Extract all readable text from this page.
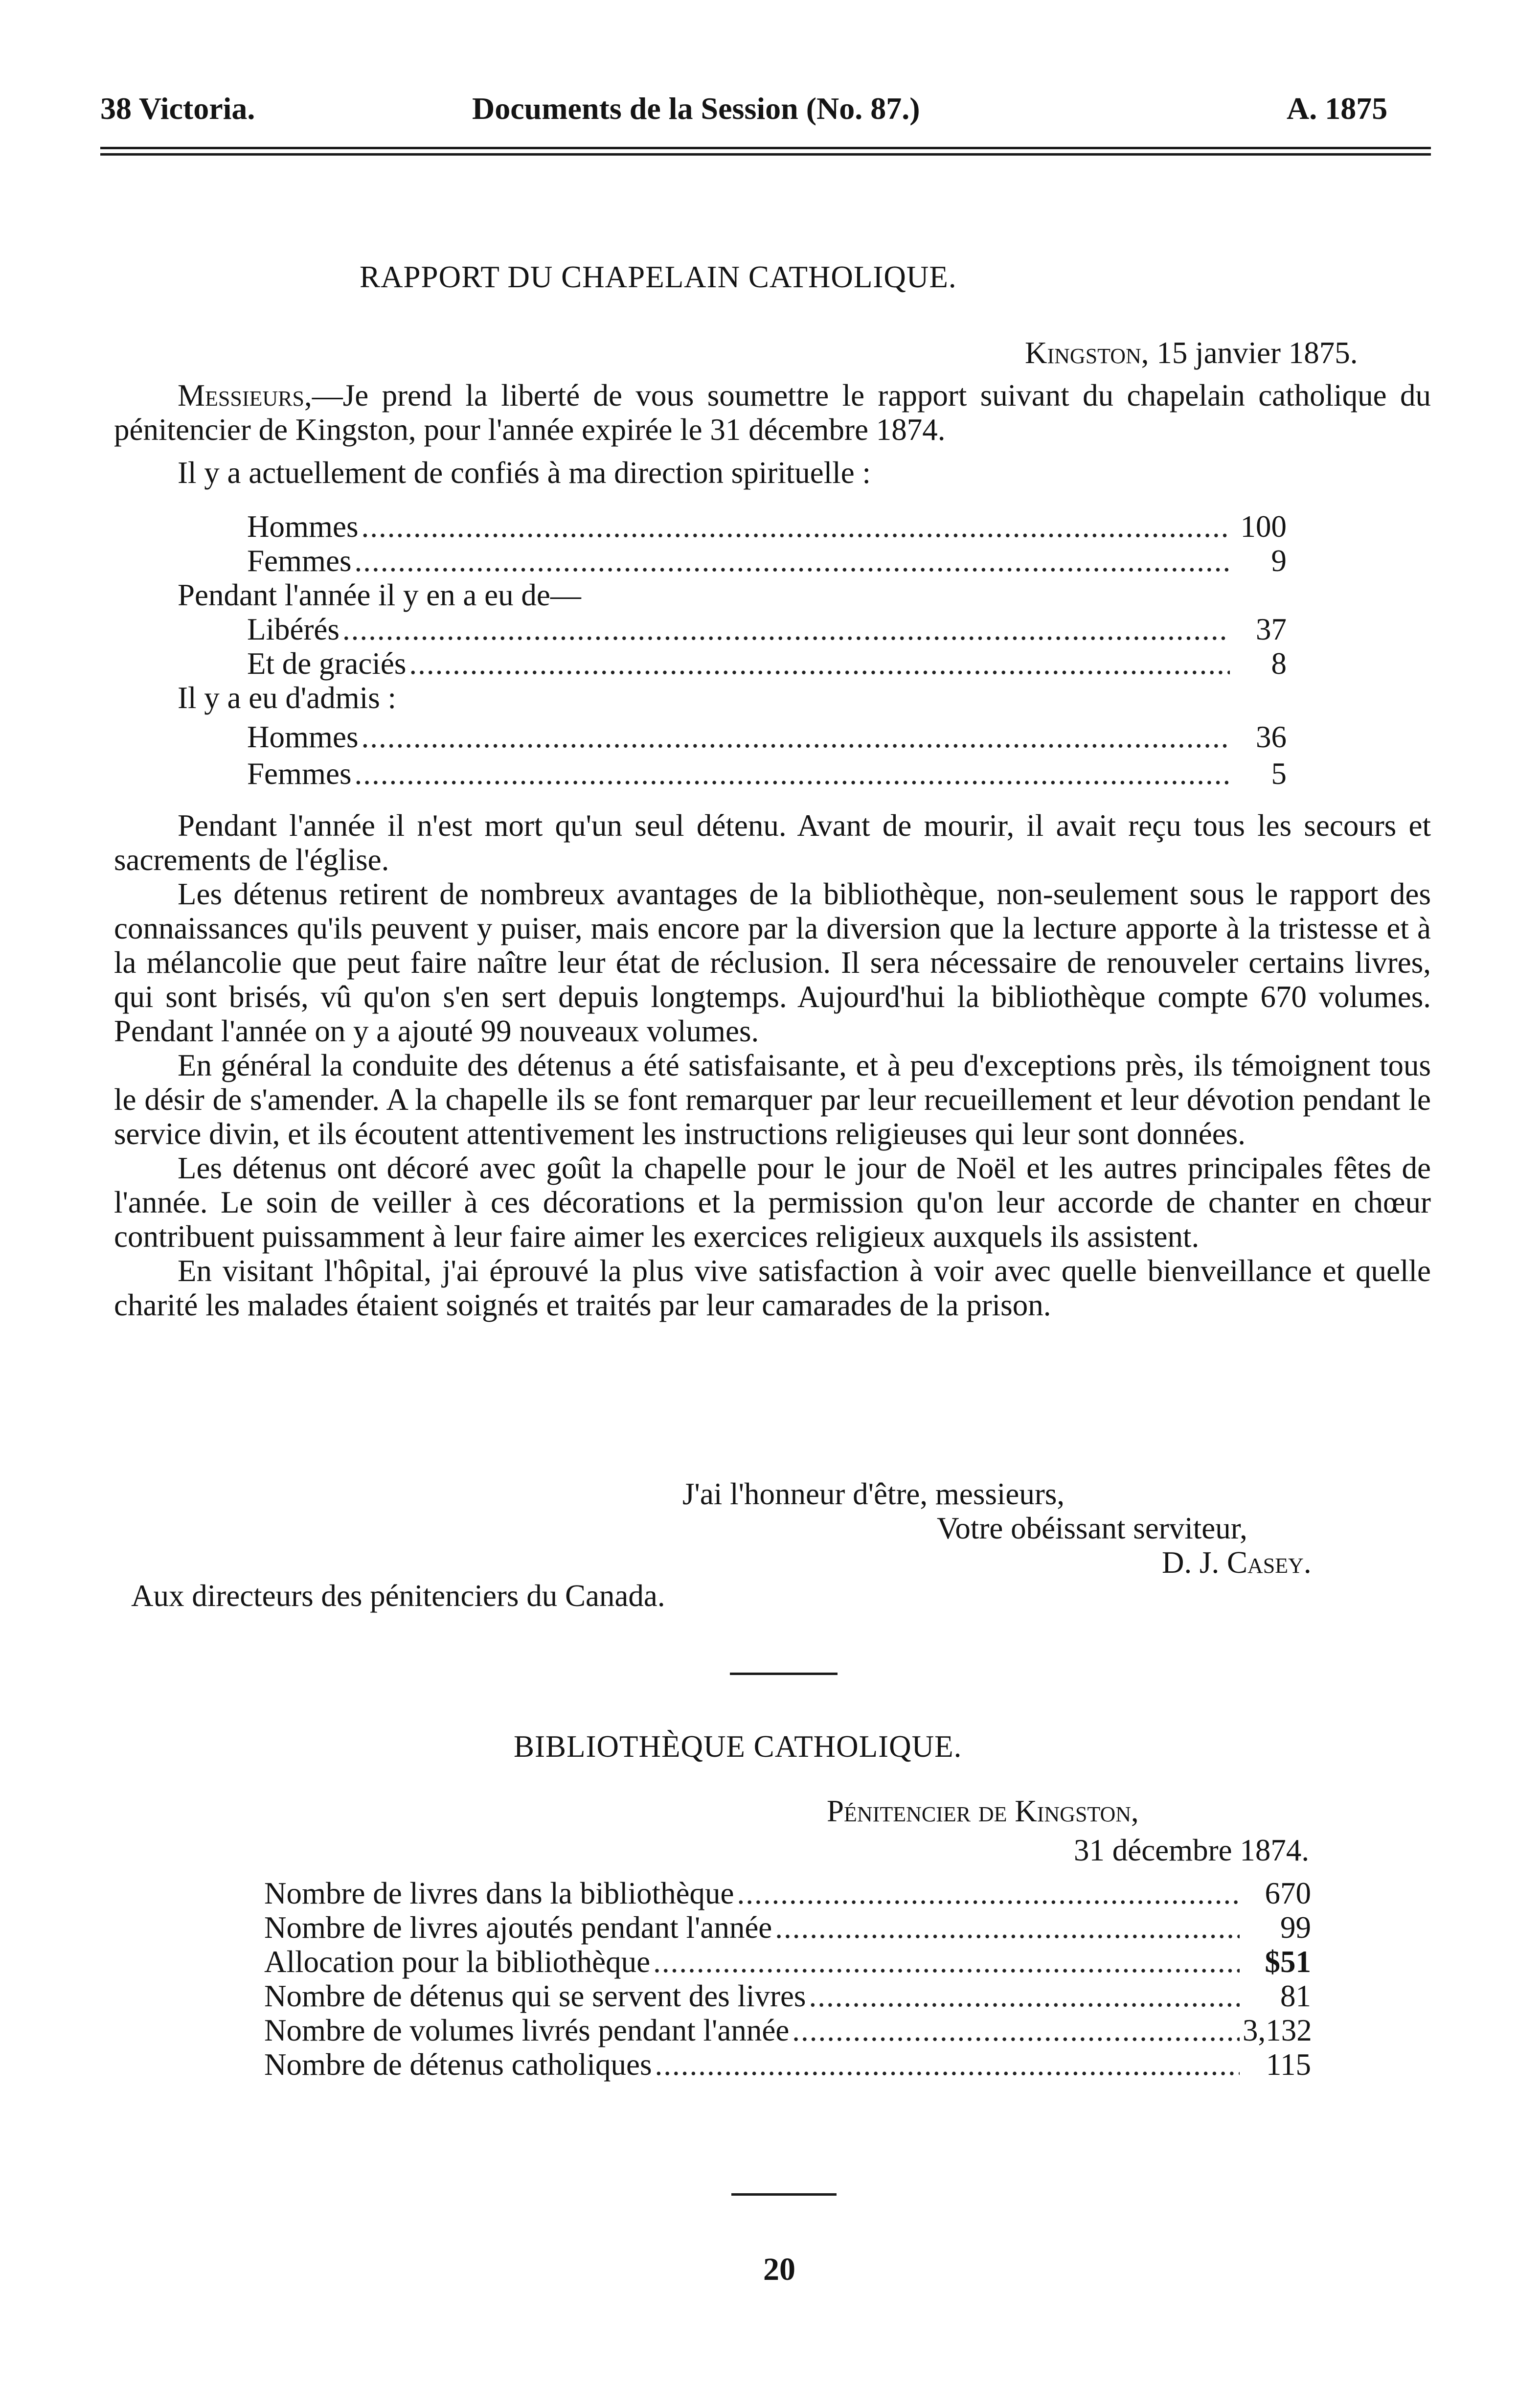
38 Victoria.	Documents de la Session (No. 87.)	A. 1875
RAPPORT DU CHAPELAIN CATHOLIQUE.
Kingston, 15 janvier 1875.

Messieurs,—Je prend la liberté de vous soumettre le rapport suivant du chapelain catholique du pénitencier de Kingston, pour l'année expirée le 31 décembre 1874.

Il y a actuellement de confiés à ma direction spirituelle :
Hommes .....	100
Femmes .....	9
Pendant l'année il y en a eu de—
Libérés .....	37
Et de graciés .....	8
Il y a eu d'admis :
Hommes .....	36
Femmes .....	5

Pendant l'année il n'est mort qu'un seul détenu. Avant de mourir, il avait reçu tous les secours et sacrements de l'église.

Les détenus retirent de nombreux avantages de la bibliothèque, non-seulement sous le rapport des connaissances qu'ils peuvent y puiser, mais encore par la diversion que la lecture apporte à la tristesse et à la mélancolie que peut faire naître leur état de réclusion. Il sera nécessaire de renouveler certains livres, qui sont brisés, vû qu'on s'en sert depuis longtemps. Aujourd'hui la bibliothèque compte 670 volumes. Pendant l'année on y a ajouté 99 nouveaux volumes.

En général la conduite des détenus a été satisfaisante, et à peu d'exceptions près, ils témoignent tous le désir de s'amender. A la chapelle ils se font remarquer par leur recueillement et leur dévotion pendant le service divin, et ils écoutent attentivement les instructions religieuses qui leur sont données.

Les détenus ont décoré avec goût la chapelle pour le jour de Noël et les autres principales fêtes de l'année. Le soin de veiller à ces décorations et la permission qu'on leur accorde de chanter en chœur contribuent puissamment à leur faire aimer les exercices religieux auxquels ils assistent.

En visitant l'hôpital, j'ai éprouvé la plus vive satisfaction à voir avec quelle bienveillance et quelle charité les malades étaient soignés et traités par leur camarades de la prison.

J'ai l'honneur d'être, messieurs,
Votre obéissant serviteur,
D. J. Casey.
Aux directeurs des pénitenciers du Canada.
BIBLIOTHÈQUE CATHOLIQUE.
Pénitencier de Kingston,
31 décembre 1874.
Nombre de livres dans la bibliothèque .....	670
Nombre de livres ajoutés pendant l'année .....	99
Allocation pour la bibliothèque .....	$51
Nombre de détenus qui se servent des livres .....	81
Nombre de volumes livrés pendant l'année .....	3,132
Nombre de détenus catholiques .....	115
20
